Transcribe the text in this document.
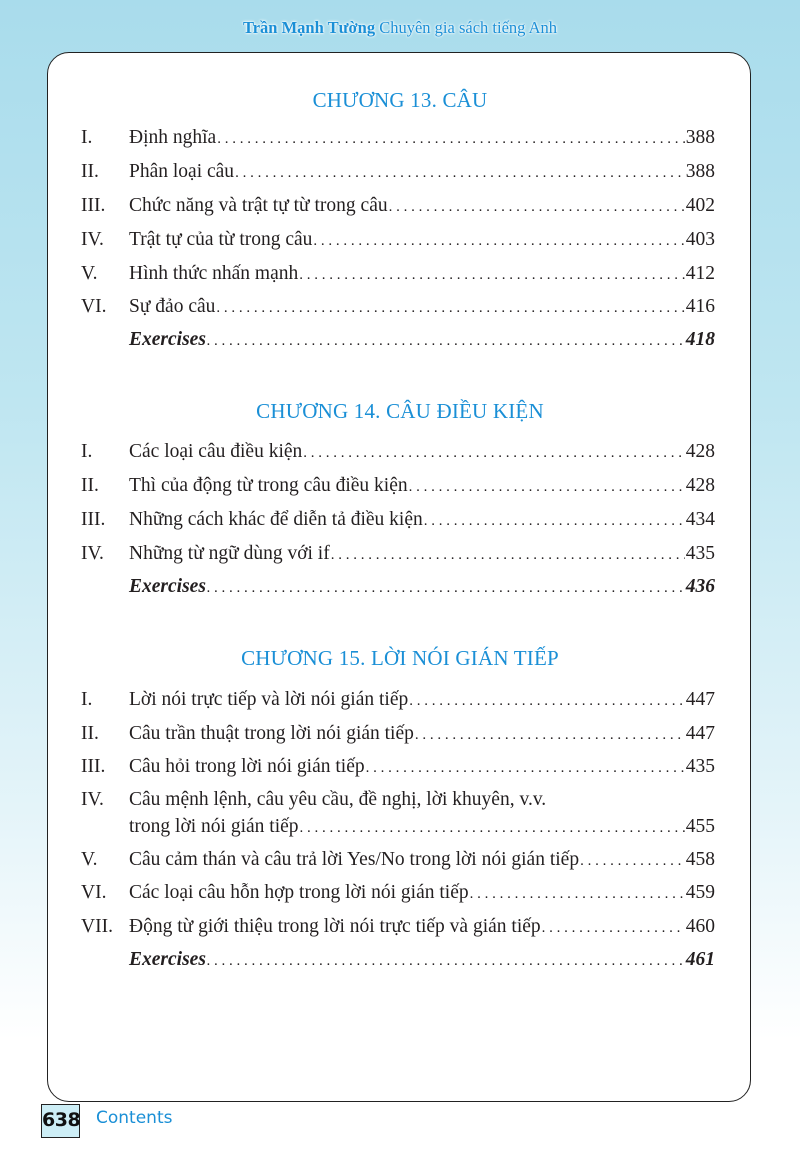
Trần Mạnh Tường Chuyên gia sách tiếng Anh
CHƯƠNG 13. CÂU
I. Định nghĩa . . .	388
II. Phân loại câu . . .	388
III. Chức năng và trật tự từ trong câu . . .	402
IV. Trật tự của từ trong câu . . .	403
V. Hình thức nhấn mạnh . . .	412
VI. Sự đảo câu . . .	416
Exercises . . .	418
CHƯƠNG 14. CÂU ĐIỀU KIỆN
I. Các loại câu điều kiện . . .	428
II. Thì của động từ trong câu điều kiện . . .	428
III. Những cách khác để diễn tả điều kiện . . .	434
IV. Những từ ngữ dùng với if . . .	435
Exercises . . .	436
CHƯƠNG 15. LỜI NÓI GIÁN TIẾP
I. Lời nói trực tiếp và lời nói gián tiếp . . .	447
II. Câu trần thuật trong lời nói gián tiếp . . .	447
III. Câu hỏi trong lời nói gián tiếp . . .	435
IV. Câu mệnh lệnh, câu yêu cầu, đề nghị, lời khuyên, v.v.
trong lời nói gián tiếp . . .	455
V. Câu cảm thán và câu trả lời Yes/No trong lời nói gián tiếp . . .	458
VI. Các loại câu hỗn hợp trong lời nói gián tiếp . . .	459
VII. Động từ giới thiệu trong lời nói trực tiếp và gián tiếp . . .	460
Exercises . . .	461
638 Contents
